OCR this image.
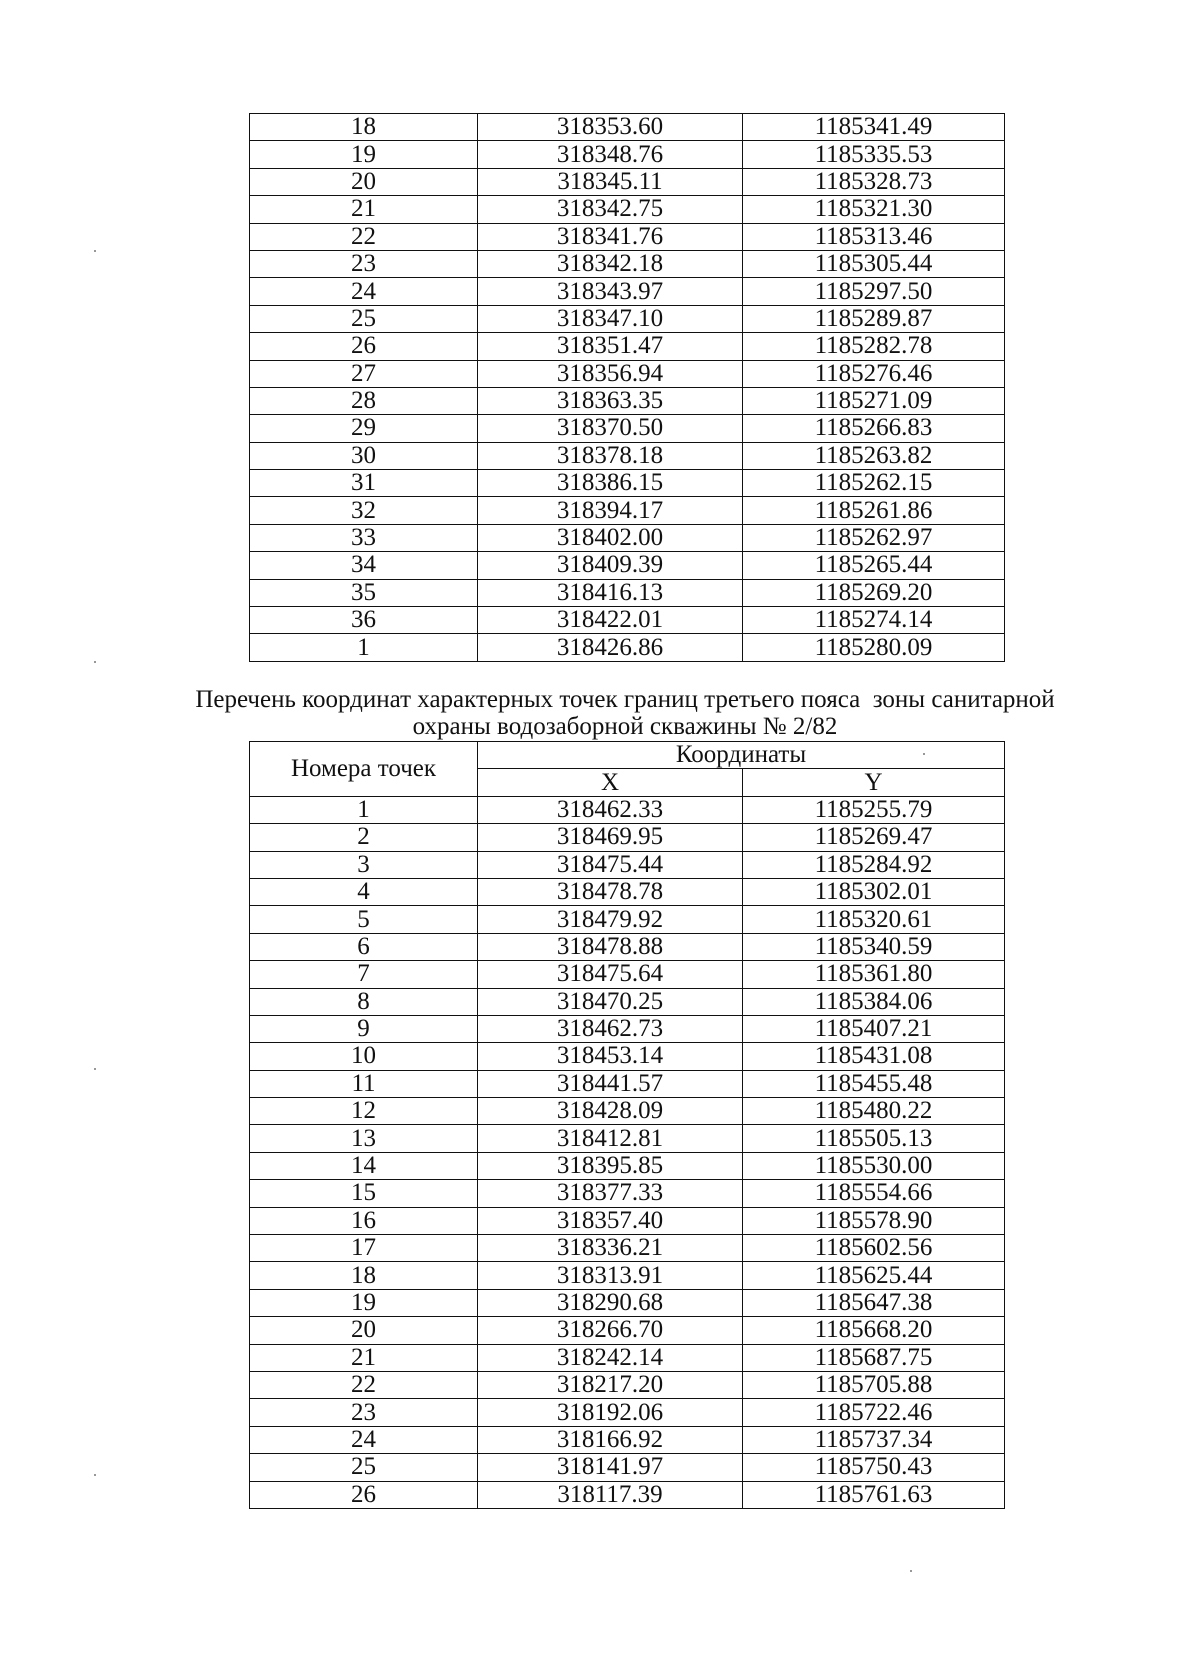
18	318353.60	1185341.49
19	318348.76	1185335.53
20	318345.11	1185328.73
21	318342.75	1185321.30
22	318341.76	1185313.46
23	318342.18	1185305.44
24	318343.97	1185297.50
25	318347.10	1185289.87
26	318351.47	1185282.78
27	318356.94	1185276.46
28	318363.35	1185271.09
29	318370.50	1185266.83
30	318378.18	1185263.82
31	318386.15	1185262.15
32	318394.17	1185261.86
33	318402.00	1185262.97
34	318409.39	1185265.44
35	318416.13	1185269.20
36	318422.01	1185274.14
1	318426.86	1185280.09
Перечень координат характерных точек границ третьего пояса  зоны санитарной
охраны водозаборной скважины № 2/82
Номера точек	Координаты	
	X	Y
1	318462.33	1185255.79
2	318469.95	1185269.47
3	318475.44	1185284.92
4	318478.78	1185302.01
5	318479.92	1185320.61
6	318478.88	1185340.59
7	318475.64	1185361.80
8	318470.25	1185384.06
9	318462.73	1185407.21
10	318453.14	1185431.08
11	318441.57	1185455.48
12	318428.09	1185480.22
13	318412.81	1185505.13
14	318395.85	1185530.00
15	318377.33	1185554.66
16	318357.40	1185578.90
17	318336.21	1185602.56
18	318313.91	1185625.44
19	318290.68	1185647.38
20	318266.70	1185668.20
21	318242.14	1185687.75
22	318217.20	1185705.88
23	318192.06	1185722.46
24	318166.92	1185737.34
25	318141.97	1185750.43
26	318117.39	1185761.63
